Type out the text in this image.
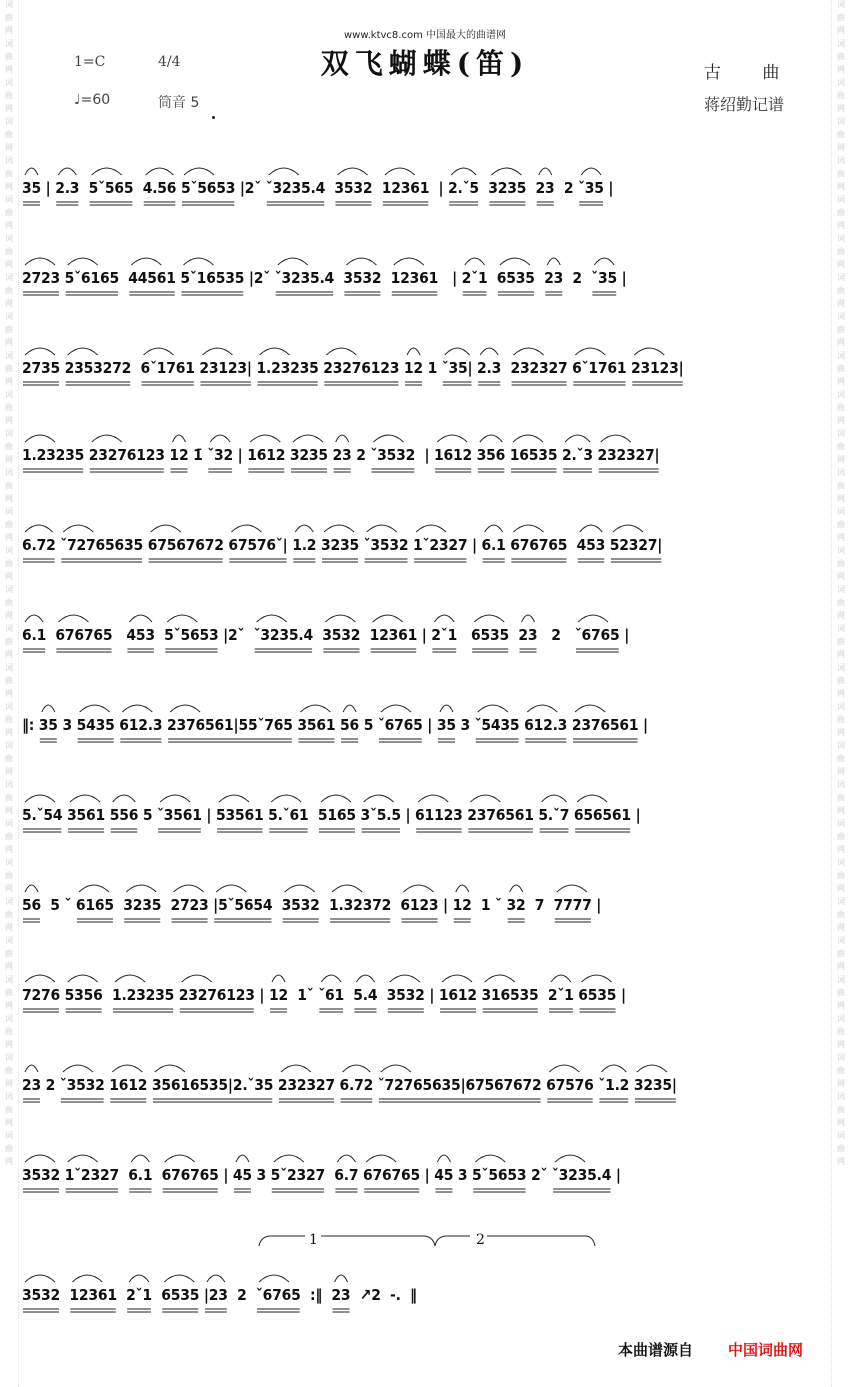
词
曲
网
词
曲
网
词
曲
网
词
曲
网
词
曲
网
词
曲
网
词
曲
网
词
曲
网
词
曲
网
词
曲
网
词
曲
网
词
曲
网
词
曲
网
词
曲
网
词
曲
网
词
曲
网
词
曲
网
词
曲
网
词
曲
网
词
曲
网
词
曲
网
词
曲
网
词
曲
网
词
曲
网
词
曲
网
词
曲
网
词
曲
网
词
曲
网
词
曲
网
词
曲
网
词
曲
网
词
曲
网
词
曲
网
词
曲
网
词
曲
网
词
曲
网
词
曲
网
词
曲
网
词
曲
网
词
曲
网
词
曲
网
词
曲
网
词
曲
网
词
曲
网
词
曲
网
词
曲
网
词
曲
网
词
曲
网
词
曲
网
词
曲
网
词
曲
网
词
曲
网
词
曲
网
词
曲
网
词
曲
网
词
曲
网
词
曲
网
词
曲
网
词
曲
网
词
曲
网
www.ktvc8.com 中国最大的曲谱网
双飞蝴蝶(笛)
1=C	4/4
♩=60	筒音 5
古 曲
蒋绍勤记谱
35 | 2.3  5ˇ565  4.56 5ˇ5653 |2ˇ ˇ3235.4  3532  12361  | 2.ˇ5  3235  23  2 ˇ35 |
2723 5ˇ6165  44561 5ˇ16535 |2ˇ ˇ3235.4  3532  12361   | 2ˇ1  6535  23  2  ˇ35 |
2735 2353272  6ˇ1761 23123| 1.23235 23276123 12 1 ˇ35| 2.3  232327 6ˇ1761 23123|
1.23235 23276123 12 1̄ ˇ32 | 1612 3235 23 2 ˇ3532  | 1612 356 16535 2.ˇ3 232327|
6.72 ˇ72765635 67567672 67576ˇ| 1.2 3235 ˇ3532 1ˇ2327 | 6.1 676765  453 52327|
6.1  676765   453  5ˇ5653 |2ˇ  ˇ3235.4  3532  12361 | 2ˇ1   6535  23   2   ˇ6765 |
‖: 35 3 5435 612.3 2376561|55ˇ765 3561 56 5 ˇ6765 | 35 3 ˇ5435 612.3 2376561 |
5.ˇ54 3561 556 5 ˇ3561 | 53561 5.ˇ61  5165 3ˇ5.5 | 61123 2376561 5.ˇ7 656561 |
56  5 ˇ 6165  3235  2723 |5ˇ5654  3532  1.32372  6123 | 12  1 ˇ 32  7  7777 |
7276 5356  1.23235 23276123 | 12  1ˇ ˇ61  5.4  3532 | 1612 316535  2ˇ1 6535 |
23 2 ˇ3532 1612 35616535|2.ˇ35 232327 6.72 ˇ72765635|67567672 67576 ˇ1.2 3235|
3532 1ˇ2327  6.1  676765 | 45 3 5ˇ2327  6.7 676765 | 45 3 5ˇ5653 2ˇ ˇ3235.4 |
3532  12361  2ˇ1  6535 |23  2  ˇ6765  :‖  23  ↗2  -.  ‖
1	2
本曲谱源自 中国词曲网
